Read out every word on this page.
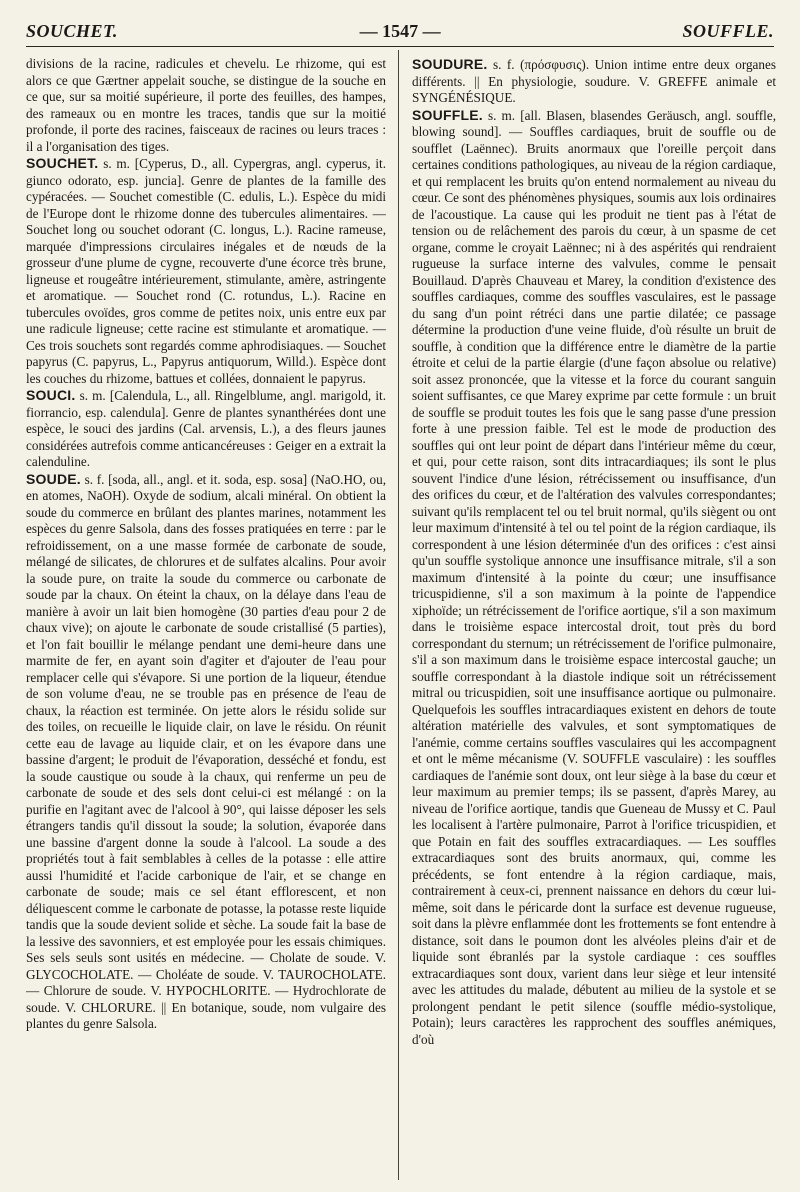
SOUCHET.	— 1547 —	SOUFFLE.

divisions de la racine, radicules et chevelu. Le rhizome, qui est alors ce que Gærtner appelait souche, se distingue de la souche en ce que, sur sa moitié supérieure, il porte des feuilles, des hampes, des rameaux ou en montre les traces, tandis que sur la moitié profonde, il porte des racines, faisceaux de racines ou leurs traces : il a l'organisation des tiges.

SOUCHET. s. m. [Cyperus, D., all. Cypergras, angl. cyperus, it. giunco odorato, esp. juncia]. Genre de plantes de la famille des cypéracées. — Souchet comestible (C. edulis, L.). Espèce du midi de l'Europe dont le rhizome donne des tubercules alimentaires. — Souchet long ou souchet odorant (C. longus, L.). Racine rameuse, marquée d'impressions circulaires inégales et de nœuds de la grosseur d'une plume de cygne, recouverte d'une écorce très brune, ligneuse et rougeâtre intérieurement, stimulante, amère, astringente et aromatique. — Souchet rond (C. rotundus, L.). Racine en tubercules ovoïdes, gros comme de petites noix, unis entre eux par une radicule ligneuse; cette racine est stimulante et aromatique. — Ces trois souchets sont regardés comme aphrodisiaques. — Souchet papyrus (C. papyrus, L., Papyrus antiquorum, Willd.). Espèce dont les couches du rhizome, battues et collées, donnaient le papyrus.

SOUCI. s. m. [Calendula, L., all. Ringelblume, angl. marigold, it. fiorrancio, esp. calendula]. Genre de plantes synanthérées dont une espèce, le souci des jardins (Cal. arvensis, L.), a des fleurs jaunes considérées autrefois comme anticancéreuses : Geiger en a extrait la calenduline.

SOUDE. s. f. [soda, all., angl. et it. soda, esp. sosa] (NaO.HO, ou, en atomes, NaOH). Oxyde de sodium, alcali minéral. On obtient la soude du commerce en brûlant des plantes marines, notamment les espèces du genre Salsola, dans des fosses pratiquées en terre : par le refroidissement, on a une masse formée de carbonate de soude, mélangé de silicates, de chlorures et de sulfates alcalins. Pour avoir la soude pure, on traite la soude du commerce ou carbonate de soude par la chaux. On éteint la chaux, on la délaye dans l'eau de manière à avoir un lait bien homogène (30 parties d'eau pour 2 de chaux vive); on ajoute le carbonate de soude cristallisé (5 parties), et l'on fait bouillir le mélange pendant une demi-heure dans une marmite de fer, en ayant soin d'agiter et d'ajouter de l'eau pour remplacer celle qui s'évapore. Si une portion de la liqueur, étendue de son volume d'eau, ne se trouble pas en présence de l'eau de chaux, la réaction est terminée. On jette alors le résidu solide sur des toiles, on recueille le liquide clair, on lave le résidu. On réunit cette eau de lavage au liquide clair, et on les évapore dans une bassine d'argent; le produit de l'évaporation, desséché et fondu, est la soude caustique ou soude à la chaux, qui renferme un peu de carbonate de soude et des sels dont celui-ci est mélangé : on la purifie en l'agitant avec de l'alcool à 90°, qui laisse déposer les sels étrangers tandis qu'il dissout la soude; la solution, évaporée dans une bassine d'argent donne la soude à l'alcool. La soude a des propriétés tout à fait semblables à celles de la potasse : elle attire aussi l'humidité et l'acide carbonique de l'air, et se change en carbonate de soude; mais ce sel étant efflorescent, et non déliquescent comme le carbonate de potasse, la potasse reste liquide tandis que la soude devient solide et sèche. La soude fait la base de la lessive des savonniers, et est employée pour les essais chimiques. Ses sels seuls sont usités en médecine. — Cholate de soude. V. GLYCOCHOLATE. — Choléate de soude. V. TAUROCHOLATE. — Chlorure de soude. V. HYPOCHLORITE. — Hydrochlorate de soude. V. CHLORURE. || En botanique, soude, nom vulgaire des plantes du genre Salsola.

SOUDURE. s. f. (πρόσφυσις). Union intime entre deux organes différents. || En physiologie, soudure. V. GREFFE animale et SYNGÉNÉSIQUE.

SOUFFLE. s. m. [all. Blasen, blasendes Geräusch, angl. souffle, blowing sound]. — Souffles cardiaques, bruit de souffle ou de soufflet (Laënnec). Bruits anormaux que l'oreille perçoit dans certaines conditions pathologiques, au niveau de la région cardiaque, et qui remplacent les bruits qu'on entend normalement au niveau du cœur. Ce sont des phénomènes physiques, soumis aux lois ordinaires de l'acoustique. La cause qui les produit ne tient pas à l'état de tension ou de relâchement des parois du cœur, à un spasme de cet organe, comme le croyait Laënnec; ni à des aspérités qui rendraient rugueuse la surface interne des valvules, comme le pensait Bouillaud. D'après Chauveau et Marey, la condition d'existence des souffles cardiaques, comme des souffles vasculaires, est le passage du sang d'un point rétréci dans une partie dilatée; ce passage détermine la production d'une veine fluide, d'où résulte un bruit de souffle, à condition que la différence entre le diamètre de la partie étroite et celui de la partie élargie (d'une façon absolue ou relative) soit assez prononcée, que la vitesse et la force du courant sanguin soient suffisantes, ce que Marey exprime par cette formule : un bruit de souffle se produit toutes les fois que le sang passe d'une pression forte à une pression faible. Tel est le mode de production des souffles qui ont leur point de départ dans l'intérieur même du cœur, et qui, pour cette raison, sont dits intracardiaques; ils sont le plus souvent l'indice d'une lésion, rétrécissement ou insuffisance, d'un des orifices du cœur, et de l'altération des valvules correspondantes; suivant qu'ils remplacent tel ou tel bruit normal, qu'ils siègent ou ont leur maximum d'intensité à tel ou tel point de la région cardiaque, ils correspondent à une lésion déterminée d'un des orifices : c'est ainsi qu'un souffle systolique annonce une insuffisance mitrale, s'il a son maximum d'intensité à la pointe du cœur; une insuffisance tricuspidienne, s'il a son maximum à la pointe de l'appendice xiphoïde; un rétrécissement de l'orifice aortique, s'il a son maximum dans le troisième espace intercostal droit, tout près du bord correspondant du sternum; un rétrécissement de l'orifice pulmonaire, s'il a son maximum dans le troisième espace intercostal gauche; un souffle correspondant à la diastole indique soit un rétrécissement mitral ou tricuspidien, soit une insuffisance aortique ou pulmonaire. Quelquefois les souffles intracardiaques existent en dehors de toute altération matérielle des valvules, et sont symptomatiques de l'anémie, comme certains souffles vasculaires qui les accompagnent et ont le même mécanisme (V. SOUFFLE vasculaire) : les souffles cardiaques de l'anémie sont doux, ont leur siège à la base du cœur et leur maximum au premier temps; ils se passent, d'après Marey, au niveau de l'orifice aortique, tandis que Gueneau de Mussy et C. Paul les localisent à l'artère pulmonaire, Parrot à l'orifice tricuspidien, et que Potain en fait des souffles extracardiaques. — Les souffles extracardiaques sont des bruits anormaux, qui, comme les précédents, se font entendre à la région cardiaque, mais, contrairement à ceux-ci, prennent naissance en dehors du cœur lui-même, soit dans le péricarde dont la surface est devenue rugueuse, soit dans la plèvre enflammée dont les frottements se font entendre à distance, soit dans le poumon dont les alvéoles pleins d'air et de liquide sont ébranlés par la systole cardiaque : ces souffles extracardiaques sont doux, varient dans leur siège et leur intensité avec les attitudes du malade, débutent au milieu de la systole et se prolongent pendant le petit silence (souffle médio-systolique, Potain); leurs caractères les rapprochent des souffles anémiques, d'où
